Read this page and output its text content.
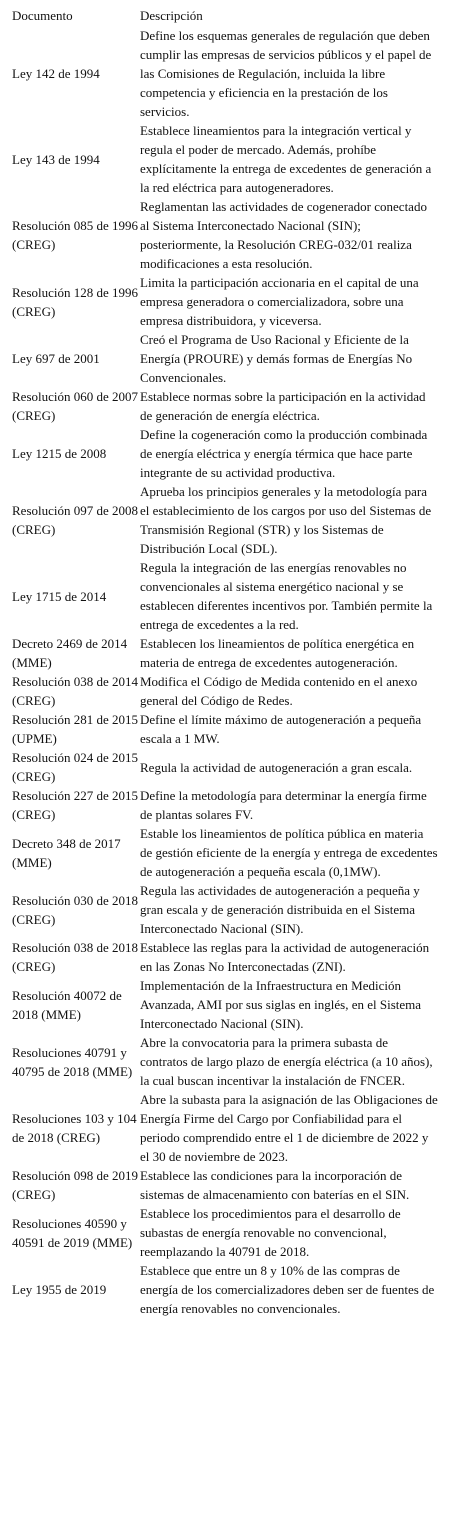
Documento	Descripción
Ley 142 de 1994
Define los esquemas generales de regulación que deben cumplir las empresas de servicios públicos y el papel de las Comisiones de Regulación, incluida la libre competencia y eficiencia en la prestación de los servicios.
Ley 143 de 1994
Establece lineamientos para la integración vertical y regula el poder de mercado. Además, prohíbe explícitamente la entrega de excedentes de generación a la red eléctrica para autogeneradores.
Resolución 085 de 1996 (CREG)
Reglamentan las actividades de cogenerador conectado al Sistema Interconectado Nacional (SIN); posteriormente, la Resolución CREG-032/01 realiza modificaciones a esta resolución.
Resolución 128 de 1996 (CREG)
Limita la participación accionaria en el capital de una empresa generadora o comercializadora, sobre una empresa distribuidora, y viceversa.
Ley 697 de 2001
Creó el Programa de Uso Racional y Eficiente de la Energía (PROURE) y demás formas de Energías No Convencionales.
Resolución 060 de 2007 (CREG)
Establece normas sobre la participación en la actividad de generación de energía eléctrica.
Ley 1215 de 2008
Define la cogeneración como la producción combinada de energía eléctrica y energía térmica que hace parte integrante de su actividad productiva.
Resolución 097 de 2008 (CREG)
Aprueba los principios generales y la metodología para el establecimiento de los cargos por uso del Sistemas de Transmisión Regional (STR) y los Sistemas de Distribución Local (SDL).
Ley 1715 de 2014
Regula la integración de las energías renovables no convencionales al sistema energético nacional y se establecen diferentes incentivos por. También permite la entrega de excedentes a la red.
Decreto 2469 de 2014 (MME)
Establecen los lineamientos de política energética en materia de entrega de excedentes autogeneración.
Resolución 038 de 2014 (CREG)
Modifica el Código de Medida contenido en el anexo general del Código de Redes.
Resolución 281 de 2015 (UPME)
Define el límite máximo de autogeneración a pequeña escala a 1 MW.
Resolución 024 de 2015 (CREG)
Regula la actividad de autogeneración a gran escala.
Resolución 227 de 2015 (CREG)
Define la metodología para determinar la energía firme de plantas solares FV.
Decreto 348 de 2017 (MME)
Estable los lineamientos de política pública en materia de gestión eficiente de la energía y entrega de excedentes de autogeneración a pequeña escala (0,1MW).
Resolución 030 de 2018 (CREG)
Regula las actividades de autogeneración a pequeña y gran escala y de generación distribuida en el Sistema Interconectado Nacional (SIN).
Resolución 038 de 2018 (CREG)
Establece las reglas para la actividad de autogeneración en las Zonas No Interconectadas (ZNI).
Resolución 40072 de 2018 (MME)
Implementación de la Infraestructura en Medición Avanzada, AMI por sus siglas en inglés, en el Sistema Interconectado Nacional (SIN).
Resoluciones 40791 y 40795 de 2018 (MME)
Abre la convocatoria para la primera subasta de contratos de largo plazo de energía eléctrica (a 10 años), la cual buscan incentivar la instalación de FNCER.
Resoluciones 103 y 104 de 2018 (CREG)
Abre la subasta para la asignación de las Obligaciones de Energía Firme del Cargo por Confiabilidad para el periodo comprendido entre el 1 de diciembre de 2022 y el 30 de noviembre de 2023.
Resolución 098 de 2019 (CREG)
Establece las condiciones para la incorporación de sistemas de almacenamiento con baterías en el SIN.
Resoluciones 40590 y 40591 de 2019 (MME)
Establece los procedimientos para el desarrollo de subastas de energía renovable no convencional, reemplazando la 40791 de 2018.
Ley 1955 de 2019
Establece que entre un 8 y 10% de las compras de energía de los comercializadores deben ser de fuentes de energía renovables no convencionales.
